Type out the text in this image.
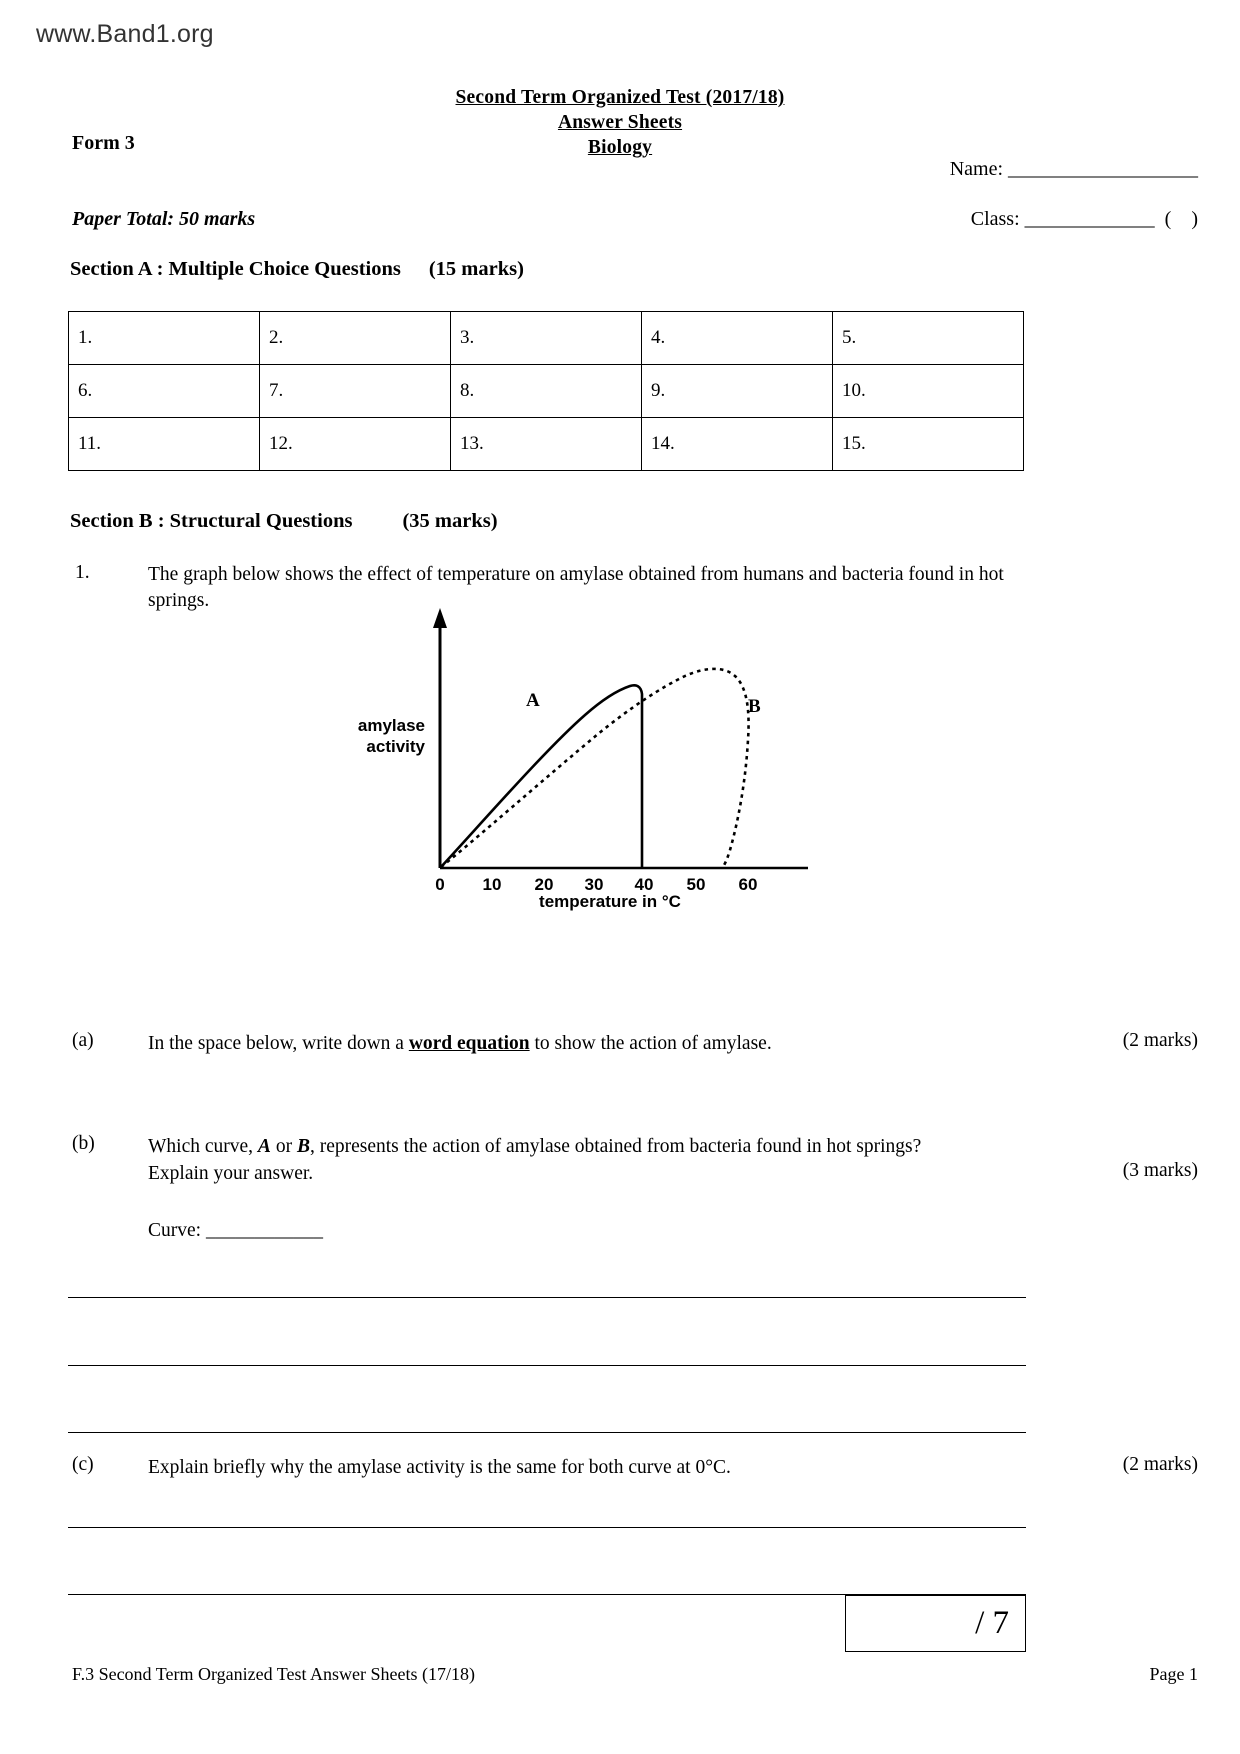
www.Band1.org
Second Term Organized Test (2017/18)
Answer Sheets
Biology
Form 3
Name: ___________________
Paper Total: 50 marks	Class: _____________ ( )
Section A : Multiple Choice Questions (15 marks)
1.		2.		3.		4.		5.	
6.		7.		8.		9.		10.	
11.		12.		13.		14.		15.	
Section B : Structural Questions (35 marks)
1.	The graph below shows the effect of temperature on amylase obtained from humans and bacteria found in hot springs.
0 10 20 30 40 50 60
amylase
activity
temperature in °C
A	B
(a)	In the space below, write down a word equation to show the action of amylase.	(2 marks)
(b)	Which curve, A or B, represents the action of amylase obtained from bacteria found in hot springs?
Explain your answer.	(3 marks)
Curve: ____________
(c)	Explain briefly why the amylase activity is the same for both curve at 0°C.	(2 marks)
/ 7
F.3 Second Term Organized Test Answer Sheets (17/18)	Page 1
